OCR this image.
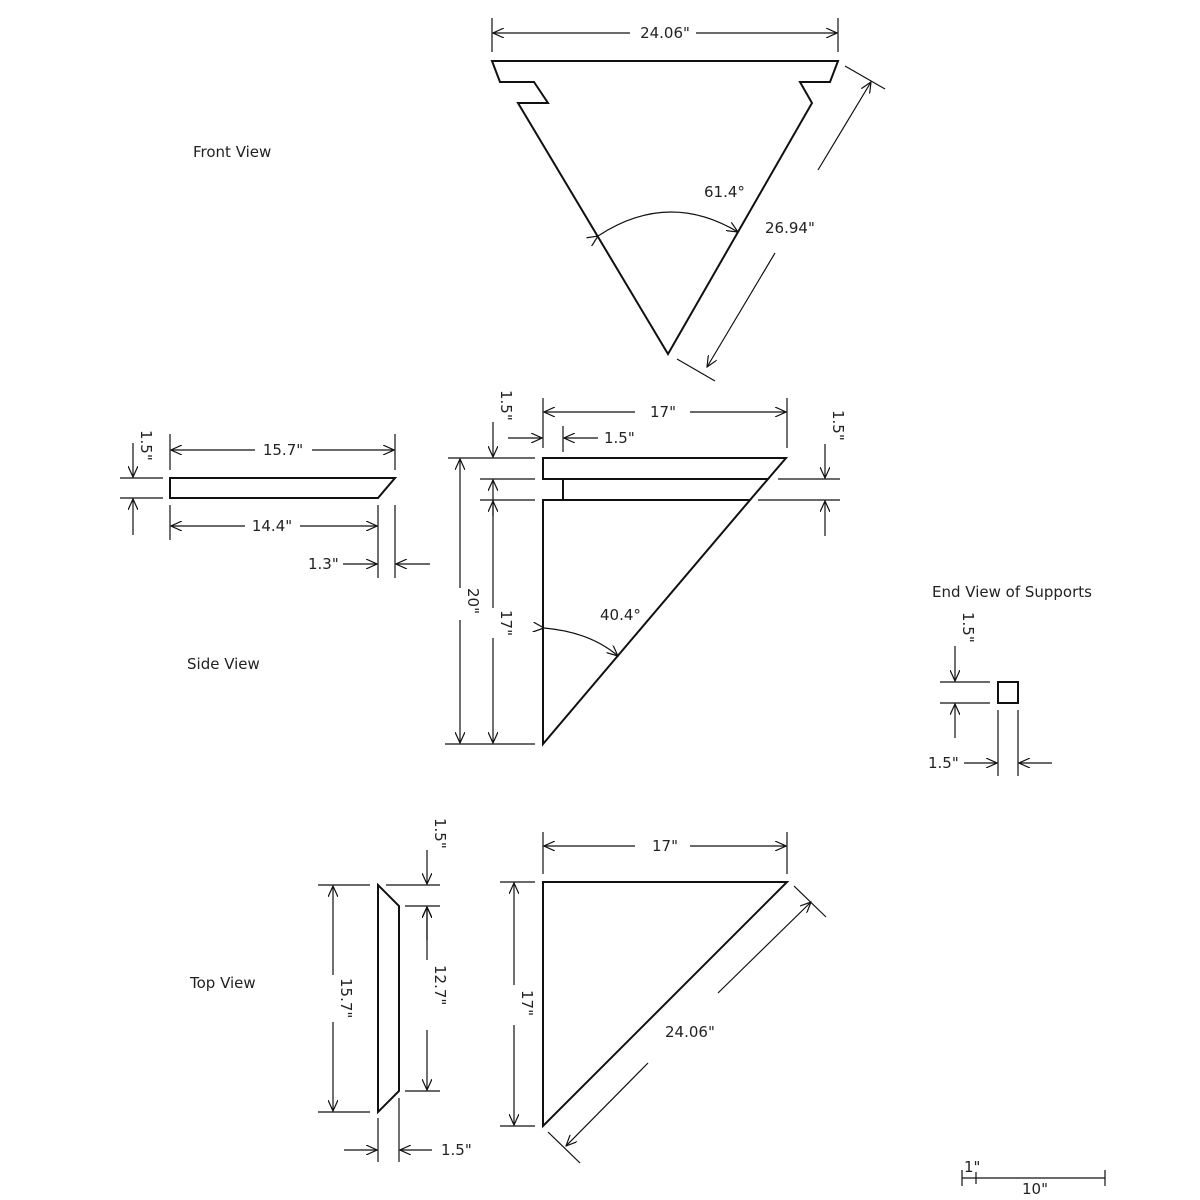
Front View
24.06"
61.4°
26.94"
Side View
1.5"	15.7"
14.4"
1.3"
1.5"	17"
1.5"	1.5"
20"
17"	40.4°
End View of Supports
1.5"
1.5"
Top View	15.7"
1.5"
12.7"
1.5"
17"
17"
24.06"
1"
10"
